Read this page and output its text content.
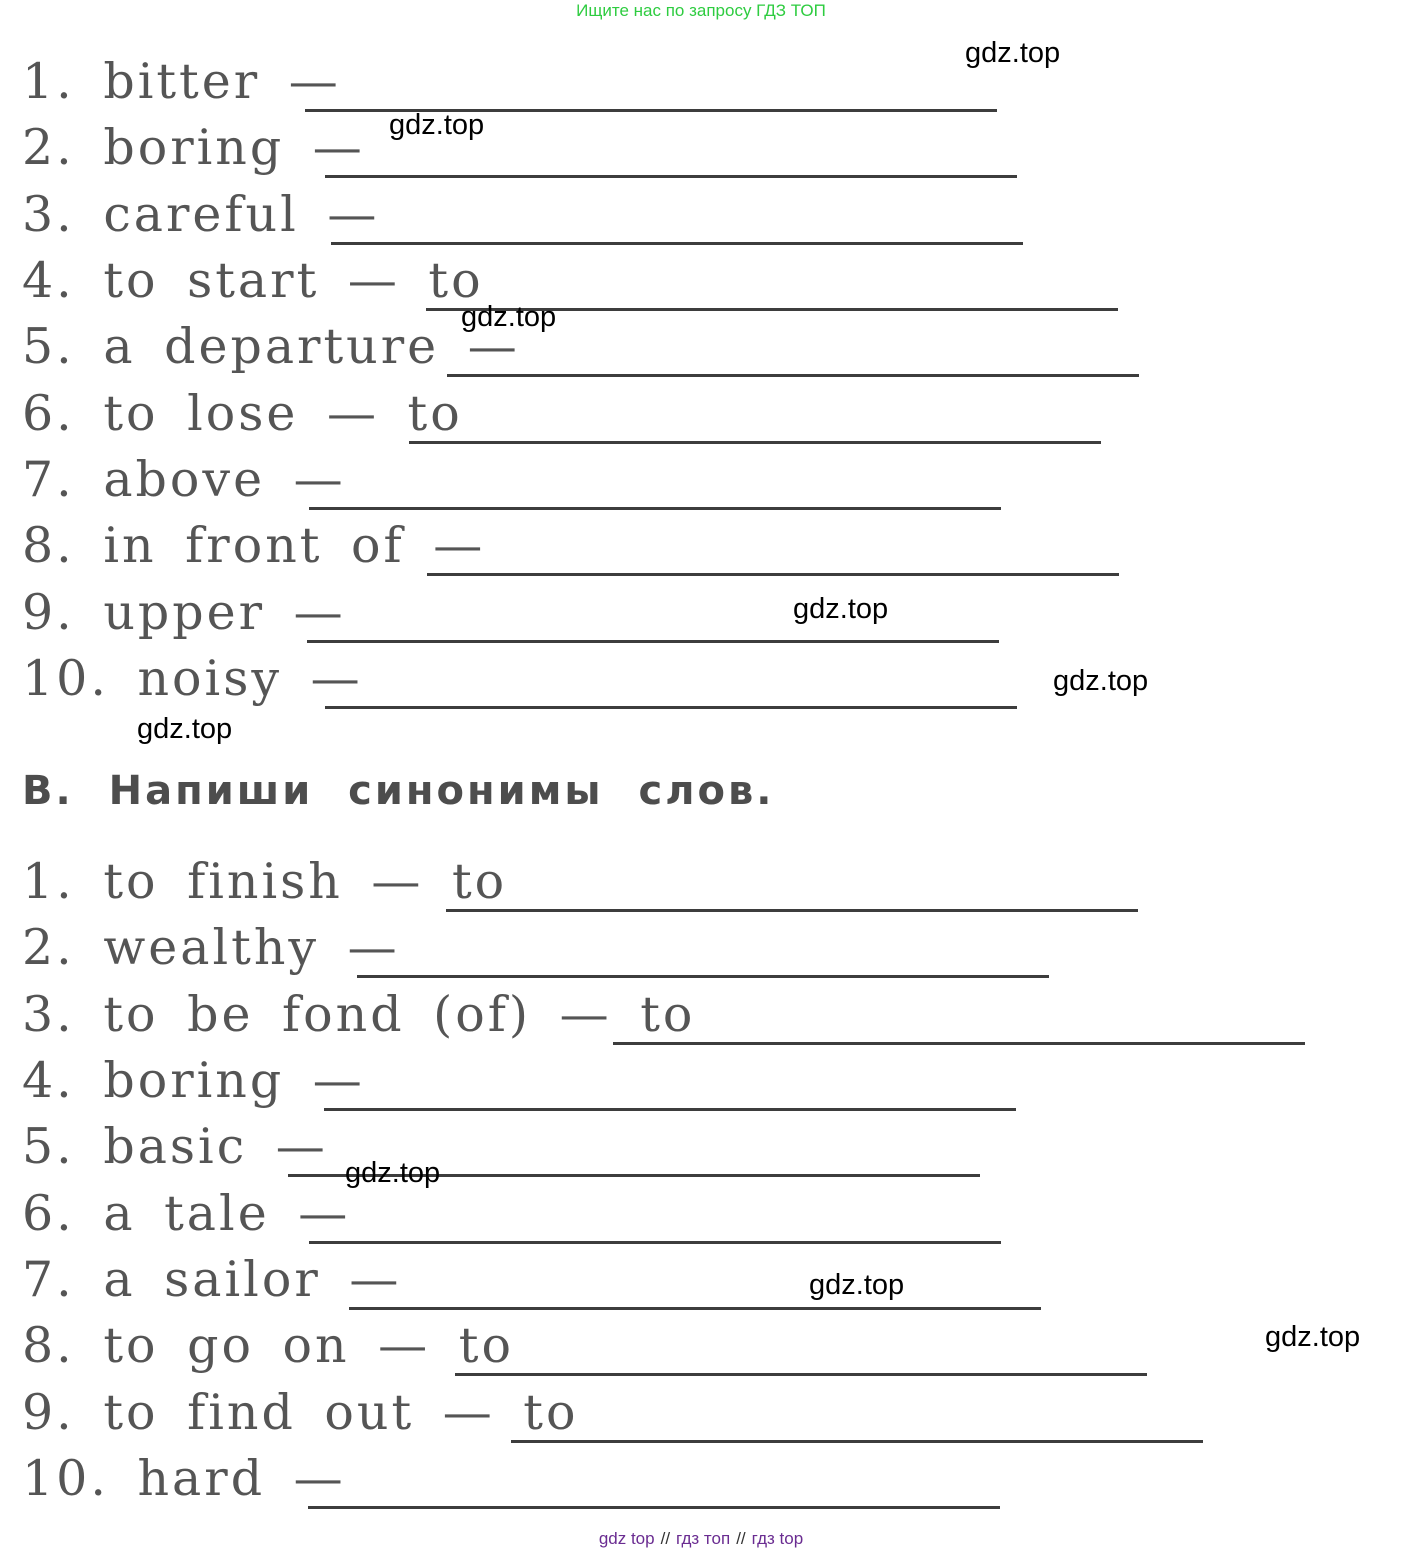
Ищите нас по запросу ГДЗ ТОП
1. bitter —
2. boring —
3. careful —
4. to start — to
5. a departure —
6. to lose — to
7. above —
8. in front of —
9. upper —
10. noisy —
В. Напиши синонимы слов.
1. to finish — to
2. wealthy —
3. to be fond (of) — to
4. boring —
5. basic —
6. a tale —
7. a sailor —
8. to go on — to
9. to find out — to
10. hard —
gdz.top
gdz.top
gdz.top
gdz.top
gdz.top
gdz.top
gdz.top
gdz.top
gdz.top
gdz top // гдз топ // гдз top
